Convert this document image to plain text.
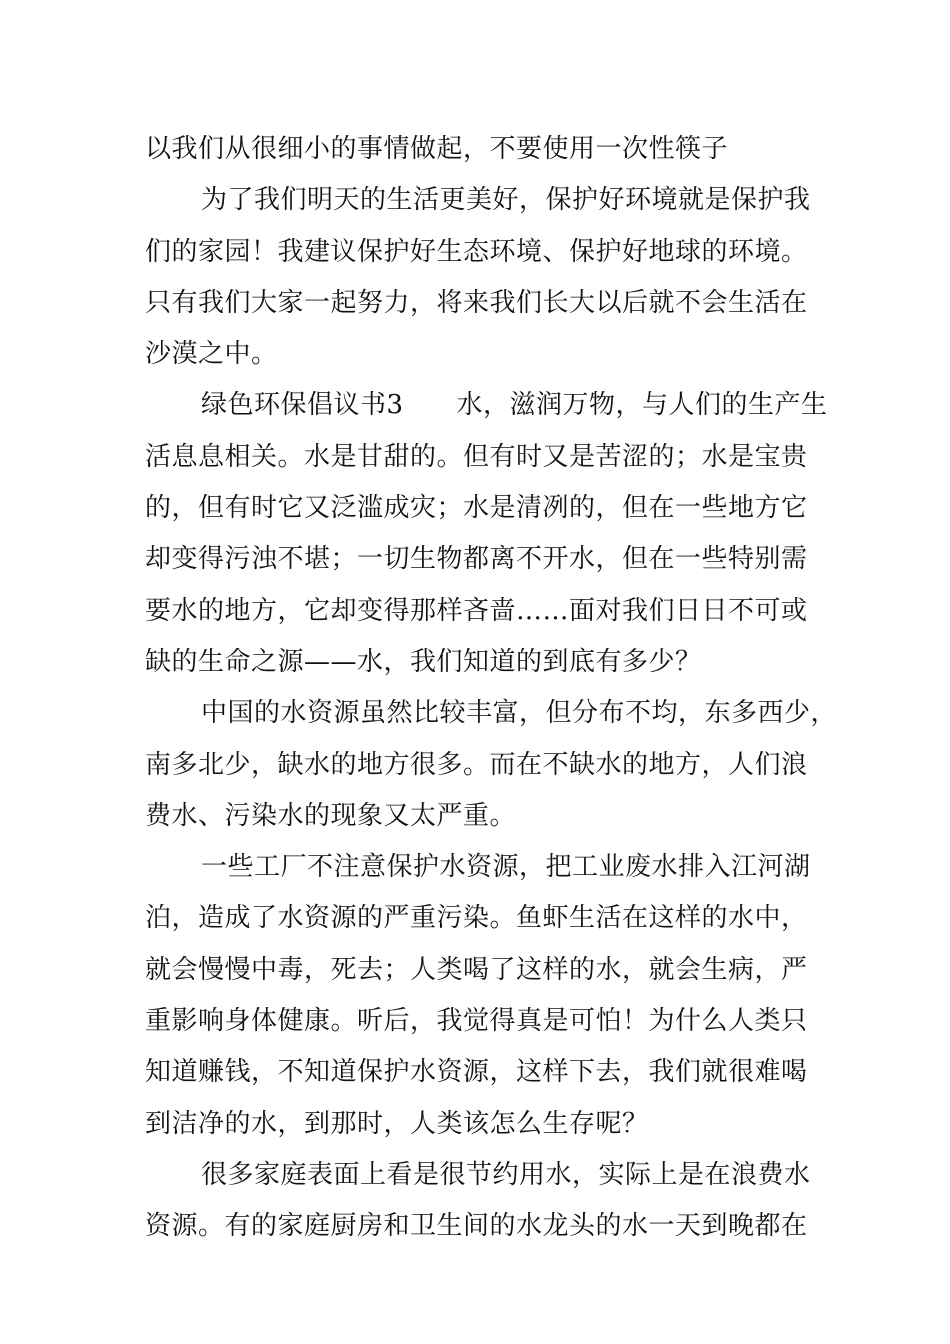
以我们从很细小的事情做起，不要使用一次性筷子
为了我们明天的生活更美好，保护好环境就是保护我
们的家园！我建议保护好生态环境、保护好地球的环境。
只有我们大家一起努力，将来我们长大以后就不会生活在
沙漠之中。
绿色环保倡议书3　　水，滋润万物，与人们的生产生
活息息相关。水是甘甜的。但有时又是苦涩的；水是宝贵
的，但有时它又泛滥成灾；水是清冽的，但在一些地方它
却变得污浊不堪；一切生物都离不开水，但在一些特别需
要水的地方，它却变得那样吝啬……面对我们日日不可或
缺的生命之源——水，我们知道的到底有多少？
中国的水资源虽然比较丰富，但分布不均，东多西少，
南多北少，缺水的地方很多。而在不缺水的地方，人们浪
费水、污染水的现象又太严重。
一些工厂不注意保护水资源，把工业废水排入江河湖
泊，造成了水资源的严重污染。鱼虾生活在这样的水中，
就会慢慢中毒，死去；人类喝了这样的水，就会生病，严
重影响身体健康。听后，我觉得真是可怕！为什么人类只
知道赚钱，不知道保护水资源，这样下去，我们就很难喝
到洁净的水，到那时，人类该怎么生存呢？
很多家庭表面上看是很节约用水，实际上是在浪费水
资源。有的家庭厨房和卫生间的水龙头的水一天到晚都在
